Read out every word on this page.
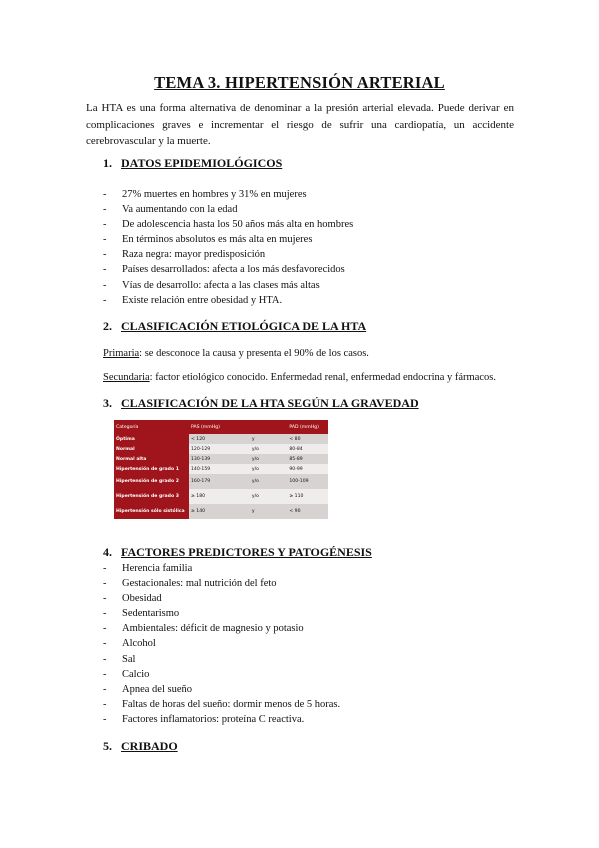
TEMA 3. HIPERTENSIÓN ARTERIAL
La HTA es una forma alternativa de denominar a la presión arterial elevada. Puede derivar en complicaciones graves e incrementar el riesgo de sufrir una cardiopatía, un accidente cerebrovascular y la muerte.
1. DATOS EPIDEMIOLÓGICOS
-	27% muertes en hombres y 31% en mujeres
-	Va aumentando con la edad
-	De adolescencia hasta los 50 años más alta en hombres
-	En términos absolutos es más alta en mujeres
-	Raza negra: mayor predisposición
-	Países desarrollados: afecta a los más desfavorecidos
-	Vías de desarrollo: afecta a las clases más altas
-	Existe relación entre obesidad y HTA.
2. CLASIFICACIÓN ETIOLÓGICA DE LA HTA
Primaria: se desconoce la causa y presenta el 90% de los casos.
Secundaria: factor etiológico conocido. Enfermedad renal, enfermedad endocrina y fármacos.
3. CLASIFICACIÓN DE LA HTA SEGÚN LA GRAVEDAD
Categoría	PAS (mmHg)		PAD (mmHg)
Óptima	< 120	y	< 80
Normal	120-129	y/o	80-84
Normal alta	130-139	y/o	85-89
Hipertensión de grado 1	140-159	y/o	90-99
Hipertensión de grado 2	160-179	y/o	100-109
Hipertensión de grado 3	≥ 180	y/o	≥ 110
Hipertensión sólo sistólica	≥ 140	y	< 90
4. FACTORES PREDICTORES Y PATOGÉNESIS
-	Herencia familia
-	Gestacionales: mal nutrición del feto
-	Obesidad
-	Sedentarismo
-	Ambientales: déficit de magnesio y potasio
-	Alcohol
-	Sal
-	Calcio
-	Apnea del sueño
-	Faltas de horas del sueño: dormir menos de 5 horas.
-	Factores inflamatorios: proteína C reactiva.
5. CRIBADO
